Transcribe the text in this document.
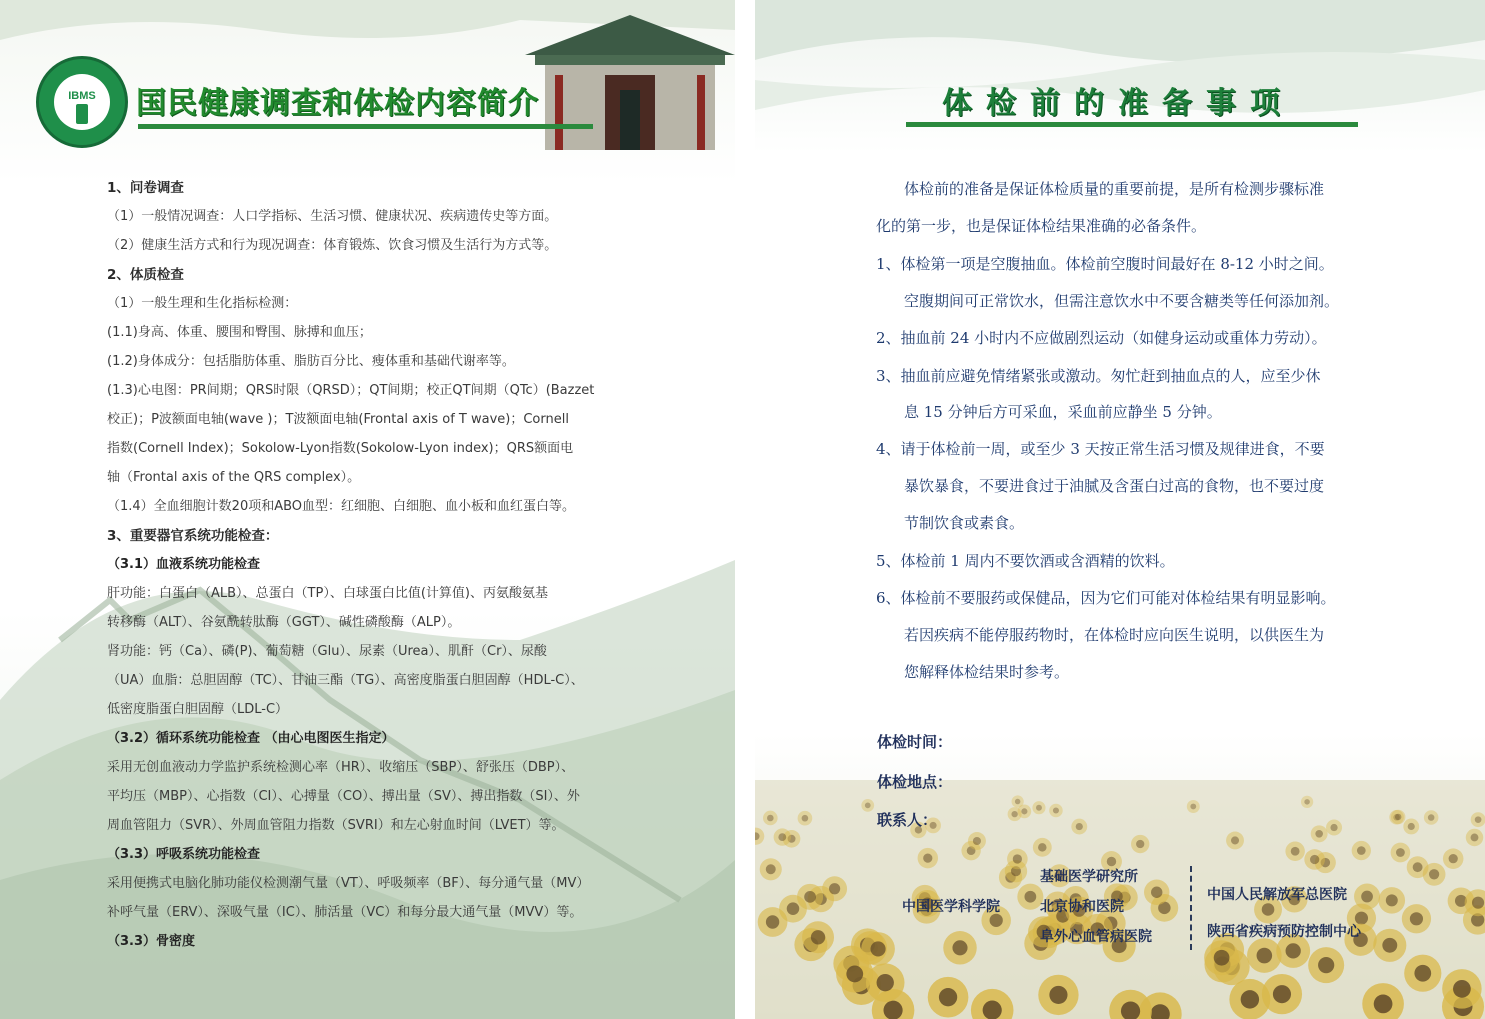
IBMS	国民健康调查和体检内容简介
1、问卷调查
（1）一般情况调查：人口学指标、生活习惯、健康状况、疾病遗传史等方面。
（2）健康生活方式和行为现况调查：体育锻炼、饮食习惯及生活行为方式等。
2、体质检查
（1）一般生理和生化指标检测：
(1.1)身高、体重、腰围和臀围、脉搏和血压；
(1.2)身体成分：包括脂肪体重、脂肪百分比、瘦体重和基础代谢率等。
(1.3)心电图：PR间期；QRS时限（QRSD）；QT间期；校正QT间期（QTc）(Bazzet
校正)；P波额面电轴(wave )；T波额面电轴(Frontal axis of T wave)；Cornell
指数(Cornell Index)；Sokolow-Lyon指数(Sokolow-Lyon index)；QRS额面电
轴（Frontal axis of the QRS complex）。
（1.4）全血细胞计数20项和ABO血型：红细胞、白细胞、血小板和血红蛋白等。
3、重要器官系统功能检查：
（3.1）血液系统功能检查
肝功能：白蛋白（ALB）、总蛋白（TP）、白球蛋白比值(计算值)、丙氨酸氨基
转移酶（ALT）、谷氨酰转肽酶（GGT）、碱性磷酸酶（ALP）。
肾功能：钙（Ca）、磷(P)、葡萄糖（Glu）、尿素（Urea）、肌酐（Cr）、尿酸
（UA）血脂：总胆固醇（TC）、甘油三酯（TG）、高密度脂蛋白胆固醇（HDL-C）、
低密度脂蛋白胆固醇（LDL-C）
（3.2）循环系统功能检查 （由心电图医生指定）
采用无创血液动力学监护系统检测心率（HR）、收缩压（SBP）、舒张压（DBP）、
平均压（MBP）、心指数（CI）、心搏量（CO）、搏出量（SV）、搏出指数（SI）、外
周血管阻力（SVR）、外周血管阻力指数（SVRI）和左心射血时间（LVET）等。
（3.3）呼吸系统功能检查
采用便携式电脑化肺功能仪检测潮气量（VT）、呼吸频率（BF）、每分通气量（MV）
补呼气量（ERV）、深吸气量（IC）、肺活量（VC）和每分最大通气量（MVV）等。
（3.3）骨密度
体检前的准备事项
体检前的准备是保证体检质量的重要前提，是所有检测步骤标准
化的第一步，也是保证体检结果准确的必备条件。
1、体检第一项是空腹抽血。体检前空腹时间最好在 8-12 小时之间。
空腹期间可正常饮水，但需注意饮水中不要含糖类等任何添加剂。
2、抽血前 24 小时内不应做剧烈运动（如健身运动或重体力劳动）。
3、抽血前应避免情绪紧张或激动。匆忙赶到抽血点的人，应至少休
息 15 分钟后方可采血，采血前应静坐 5 分钟。
4、请于体检前一周，或至少 3 天按正常生活习惯及规律进食，不要
暴饮暴食，不要进食过于油腻及含蛋白过高的食物，也不要过度
节制饮食或素食。
5、体检前 1 周内不要饮酒或含酒精的饮料。
6、体检前不要服药或保健品，因为它们可能对体检结果有明显影响。
若因疾病不能停服药物时，在体检时应向医生说明，以供医生为
您解释体检结果时参考。
体检时间：
体检地点：
联系人：
中国医学科学院
基础医学研究所
北京协和医院
阜外心血管病医院
中国人民解放军总医院
陕西省疾病预防控制中心
